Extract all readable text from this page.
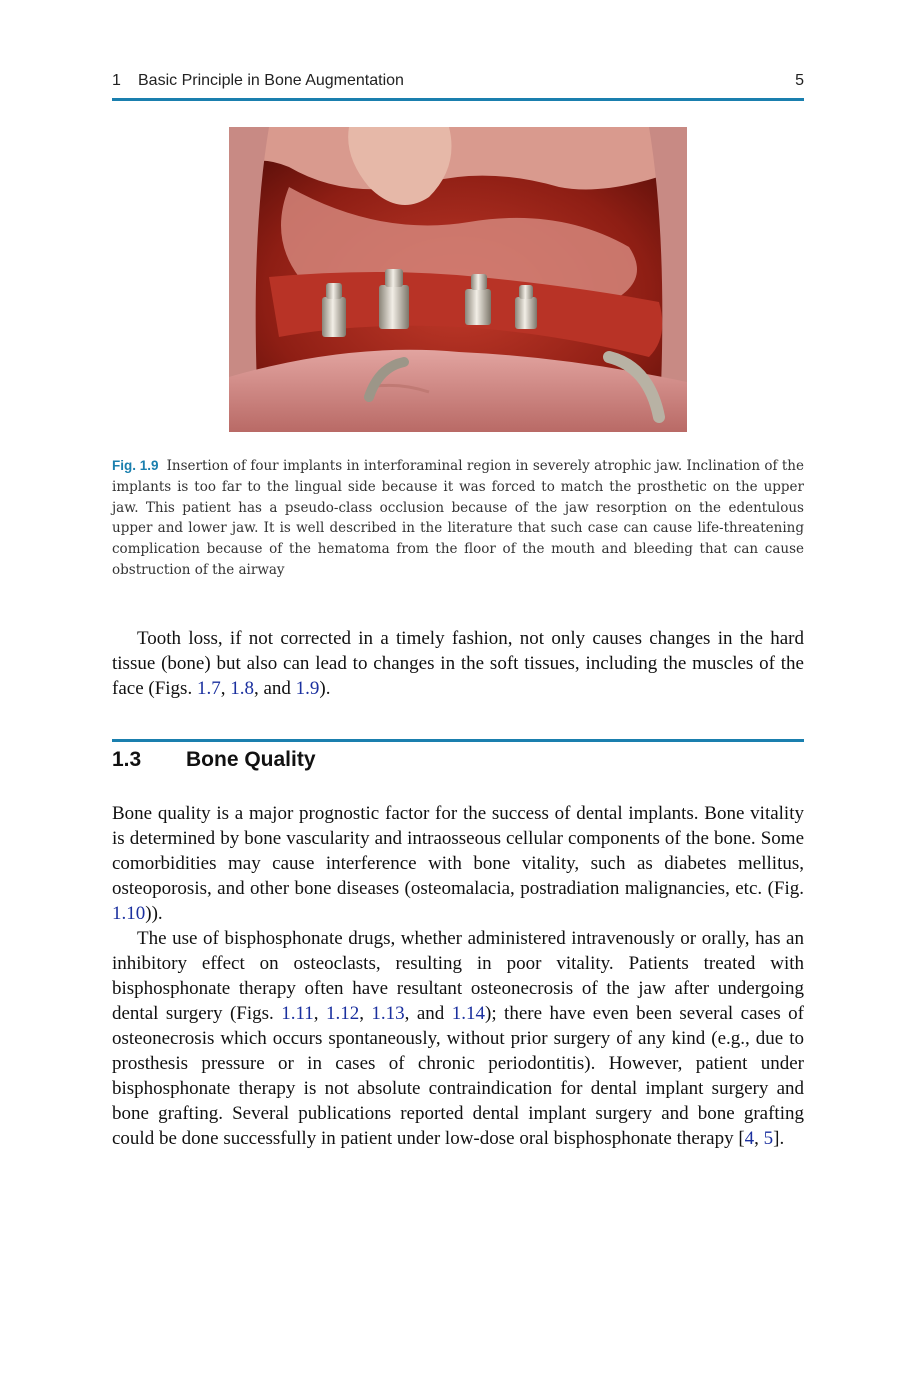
1 Basic Principle in Bone Augmentation	5
Fig. 1.9 Insertion of four implants in interforaminal region in severely atrophic jaw. Inclination of the implants is too far to the lingual side because it was forced to match the prosthetic on the upper jaw. This patient has a pseudo-class occlusion because of the jaw resorption on the edentulous upper and lower jaw. It is well described in the literature that such case can cause life-threatening complication because of the hematoma from the floor of the mouth and bleeding that can cause obstruction of the airway

Tooth loss, if not corrected in a timely fashion, not only causes changes in the hard tissue (bone) but also can lead to changes in the soft tissues, including the muscles of the face (Figs. 1.7, 1.8, and 1.9).

1.3 Bone Quality

Bone quality is a major prognostic factor for the success of dental implants. Bone vitality is determined by bone vascularity and intraosseous cellular components of the bone. Some comorbidities may cause interference with bone vitality, such as diabetes mellitus, osteoporosis, and other bone diseases (osteomalacia, postradiation malignancies, etc. (Fig. 1.10)).

The use of bisphosphonate drugs, whether administered intravenously or orally, has an inhibitory effect on osteoclasts, resulting in poor vitality. Patients treated with bisphosphonate therapy often have resultant osteonecrosis of the jaw after undergoing dental surgery (Figs. 1.11, 1.12, 1.13, and 1.14); there have even been several cases of osteonecrosis which occurs spontaneously, without prior surgery of any kind (e.g., due to prosthesis pressure or in cases of chronic periodontitis). However, patient under bisphosphonate therapy is not absolute contraindication for dental implant surgery and bone grafting. Several publications reported dental implant surgery and bone grafting could be done successfully in patient under low-dose oral bisphosphonate therapy [4, 5].
